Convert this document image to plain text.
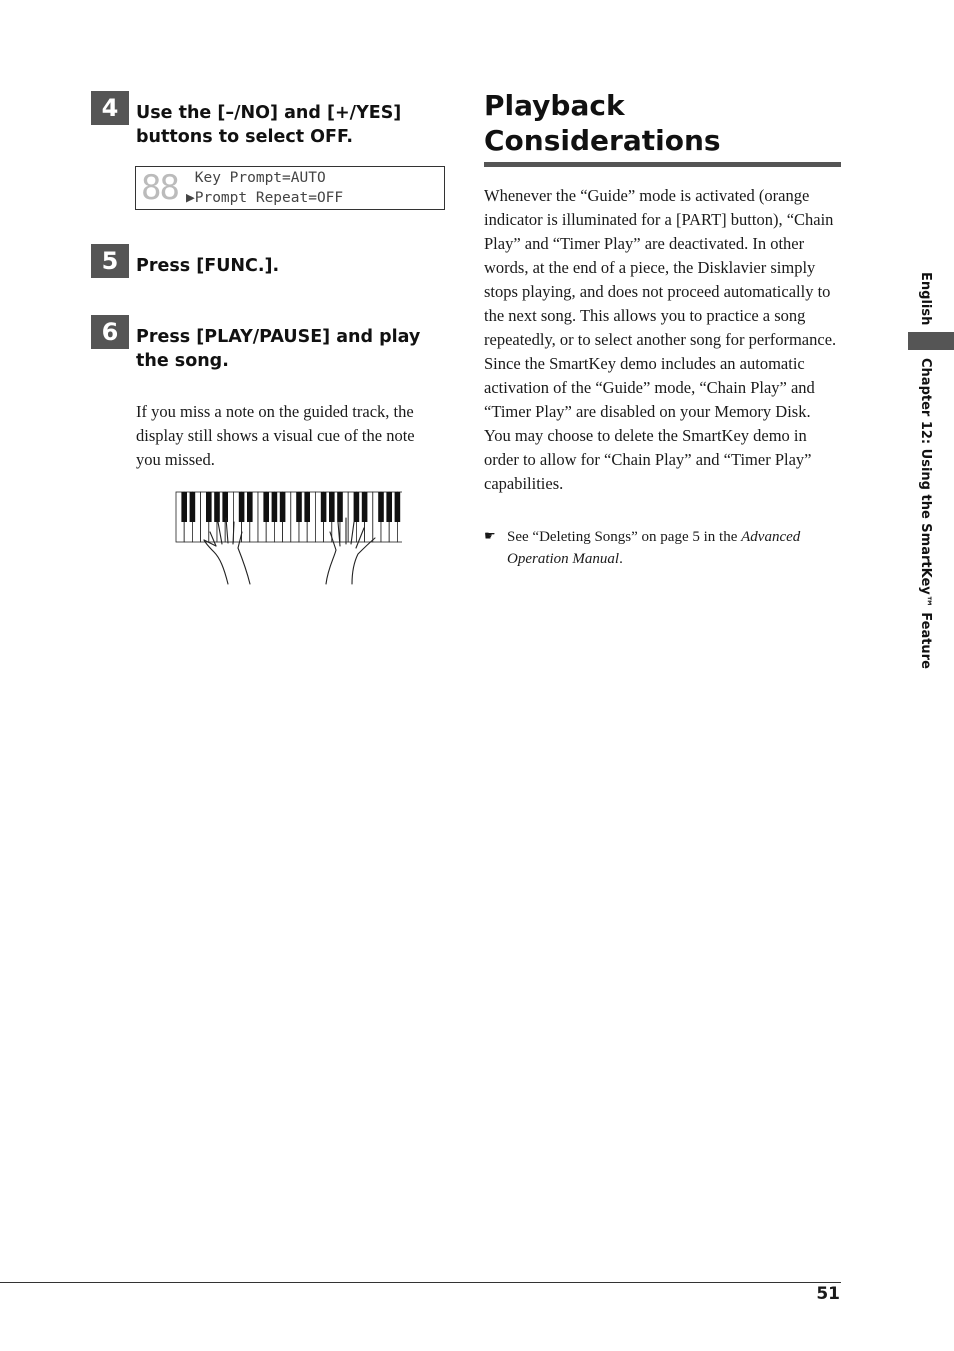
4	Use the [–/NO] and [+/YES] buttons to select OFF.
88 Key Prompt=AUTO
▶Prompt Repeat=OFF
5	Press [FUNC.].
6	Press [PLAY/PAUSE] and play the song.
If you miss a note on the guided track, the display still shows a visual cue of the note you missed.
Playback Considerations
Whenever the “Guide” mode is activated (orange indicator is illuminated for a [PART] button), “Chain Play” and “Timer Play” are deactivated. In other words, at the end of a piece, the Disklavier simply stops playing, and does not proceed automatically to the next song. This allows you to practice a song repeatedly, or to select another song for performance. Since the SmartKey demo includes an automatic activation of the “Guide” mode, “Chain Play” and “Timer Play” are disabled on your Memory Disk. You may choose to delete the SmartKey demo in order to allow for “Chain Play” and “Timer Play” capabilities.
☛ See “Deleting Songs” on page 5 in the Advanced Operation Manual.
English
Chapter 12: Using the SmartKey™ Feature
51
